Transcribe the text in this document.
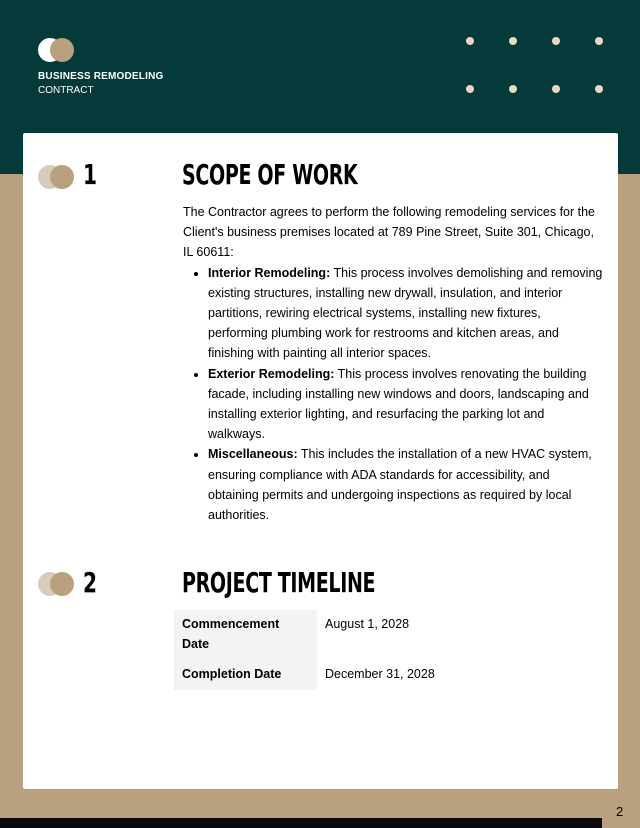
BUSINESS REMODELING
CONTRACT
1	SCOPE OF WORK

The Contractor agrees to perform the following remodeling services for the Client's business premises located at 789 Pine Street, Suite 301, Chicago, IL 60611:

• Interior Remodeling: This process involves demolishing and removing existing structures, installing new drywall, insulation, and interior partitions, rewiring electrical systems, installing new fixtures, performing plumbing work for restrooms and kitchen areas, and finishing with painting all interior spaces.
• Exterior Remodeling: This process involves renovating the building facade, including installing new windows and doors, landscaping and installing exterior lighting, and resurfacing the parking lot and walkways.
• Miscellaneous: This includes the installation of a new HVAC system, ensuring compliance with ADA standards for accessibility, and obtaining permits and undergoing inspections as required by local authorities.
2	PROJECT TIMELINE
Commencement Date	August 1, 2028
Completion Date	December 31, 2028
2
